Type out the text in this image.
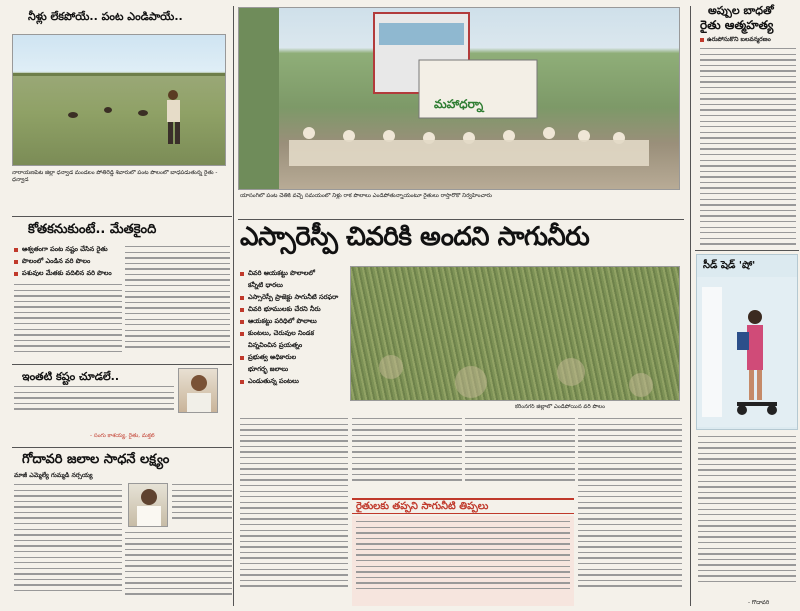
నీళ్లు లేకపోయే.. పంట ఎండిపాయే..
నారాయణపేట జిల్లా ధన్వాడ మండలం పోతిరెడ్డి శివారులో పంట పొలంలో బాధపడుతున్న రైతు - ధన్వాడ
మహాధర్నా
యాసంగిలో పంట చేతికి వచ్చే సమయంలో నీళ్లు రాక పొలాలు ఎండిపోతున్నాయంటూ రైతులు రాస్తారోకో నిర్వహించారు
అప్పుల బాధతో
రైతు ఆత్మహత్య
ఉరుపోసుకొని బలవన్మరణం
కోతకనుకుంటే.. మేతకైంది
ఆశ్వతంగా పంట నష్టం చేసిన రైతు
పొలంలో ఎండిన వరి పొలం
పశువుల మేతకు వదిలిన వరి పొలం
ఇంతటి కష్టం చూడలే..
- సంగు కాశయ్య, రైతు, మక్తల్
గోదావరి జలాల సాధనే లక్ష్యం
మాజీ ఎమ్మెల్యే గుమ్మడి నర్సయ్య
ఎస్సారెస్పీ చివరికి అందని సాగునీరు
చివరి ఆయకట్టు పొలాలలో
కన్నీటి ధారలు
ఎస్సారెస్పీ ప్రాజెక్టు సాగునీటి సరఫరా
చివరి భూములకు చేరని నీరు
ఆయకట్టు పరిధిలో పొలాలు
కుంటలు, చెరువుల నిండక
విన్నవించిన ప్రయత్నం
ప్రభుత్వ అధికారుల
భూగర్భ జలాలు
ఎండుతున్న పంటలు
కరీంనగర్ జిల్లాలో ఎండిపోయిన వరి పొలం
రైతులకు తప్పని సాగునీటి తిప్పలు
సీడ్ షెడ్ 'షో'
- గోదావరి
